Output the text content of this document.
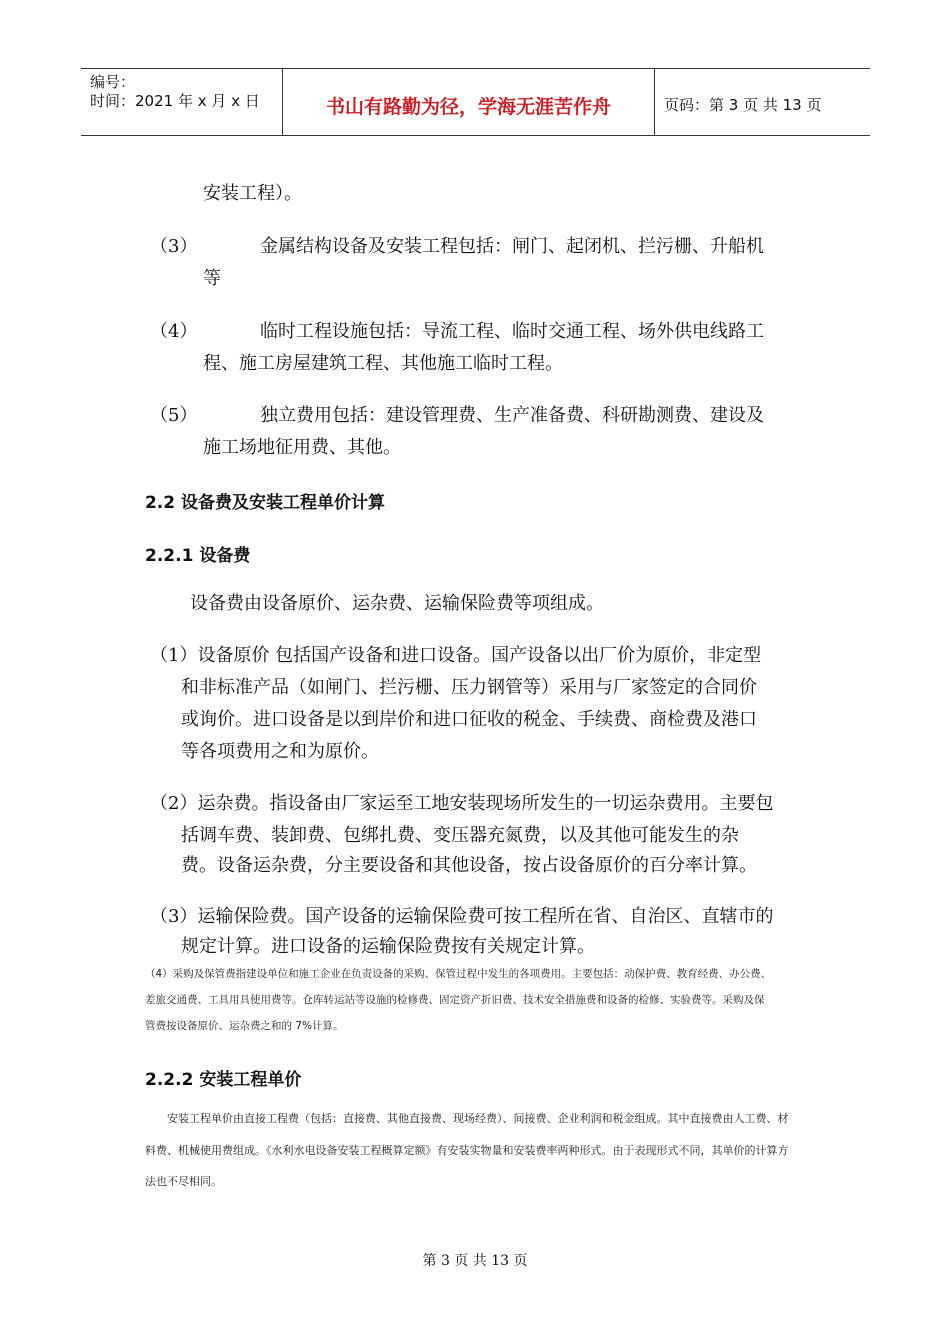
编号：
时间：2021 年 x 月 x 日	书山有路勤为径，学海无涯苦作舟	页码：第 3 页 共 13 页
安装工程）。
（3）	金属结构设备及安装工程包括：闸门、起闭机、拦污栅、升船机
等
（4）	临时工程设施包括：导流工程、临时交通工程、场外供电线路工
程、施工房屋建筑工程、其他施工临时工程。
（5）	独立费用包括：建设管理费、生产准备费、科研勘测费、建设及
施工场地征用费、其他。
2.2 设备费及安装工程单价计算
2.2.1 设备费
设备费由设备原价、运杂费、运输保险费等项组成。
（1）设备原价 包括国产设备和进口设备。国产设备以出厂价为原价，非定型
和非标准产品（如闸门、拦污栅、压力钢管等）采用与厂家签定的合同价
或询价。进口设备是以到岸价和进口征收的税金、手续费、商检费及港口
等各项费用之和为原价。
（2）运杂费。指设备由厂家运至工地安装现场所发生的一切运杂费用。主要包
括调车费、装卸费、包绑扎费、变压器充氮费，以及其他可能发生的杂
费。设备运杂费，分主要设备和其他设备，按占设备原价的百分率计算。
（3）运输保险费。国产设备的运输保险费可按工程所在省、自治区、直辖市的
规定计算。进口设备的运输保险费按有关规定计算。
（4）采购及保管费指建设单位和施工企业在负责设备的采购、保管过程中发生的各项费用。主要包括：动保护费、教育经费、办公费、
差旅交通费、工具用具使用费等。仓库转运站等设施的检修费、固定资产折旧费、技术安全措施费和设备的检修、实验费等。采购及保
管费按设备原价、运杂费之和的 7%计算。
2.2.2 安装工程单价
安装工程单价由直接工程费（包括：直接费、其他直接费、现场经费）、间接费、企业利润和税金组成。其中直接费由人工费、材
料费、机械使用费组成。《水利水电设备安装工程概算定额》有安装实物量和安装费率两种形式。由于表现形式不同，其单价的计算方
法也不尽相同。
第 3 页 共 13 页
